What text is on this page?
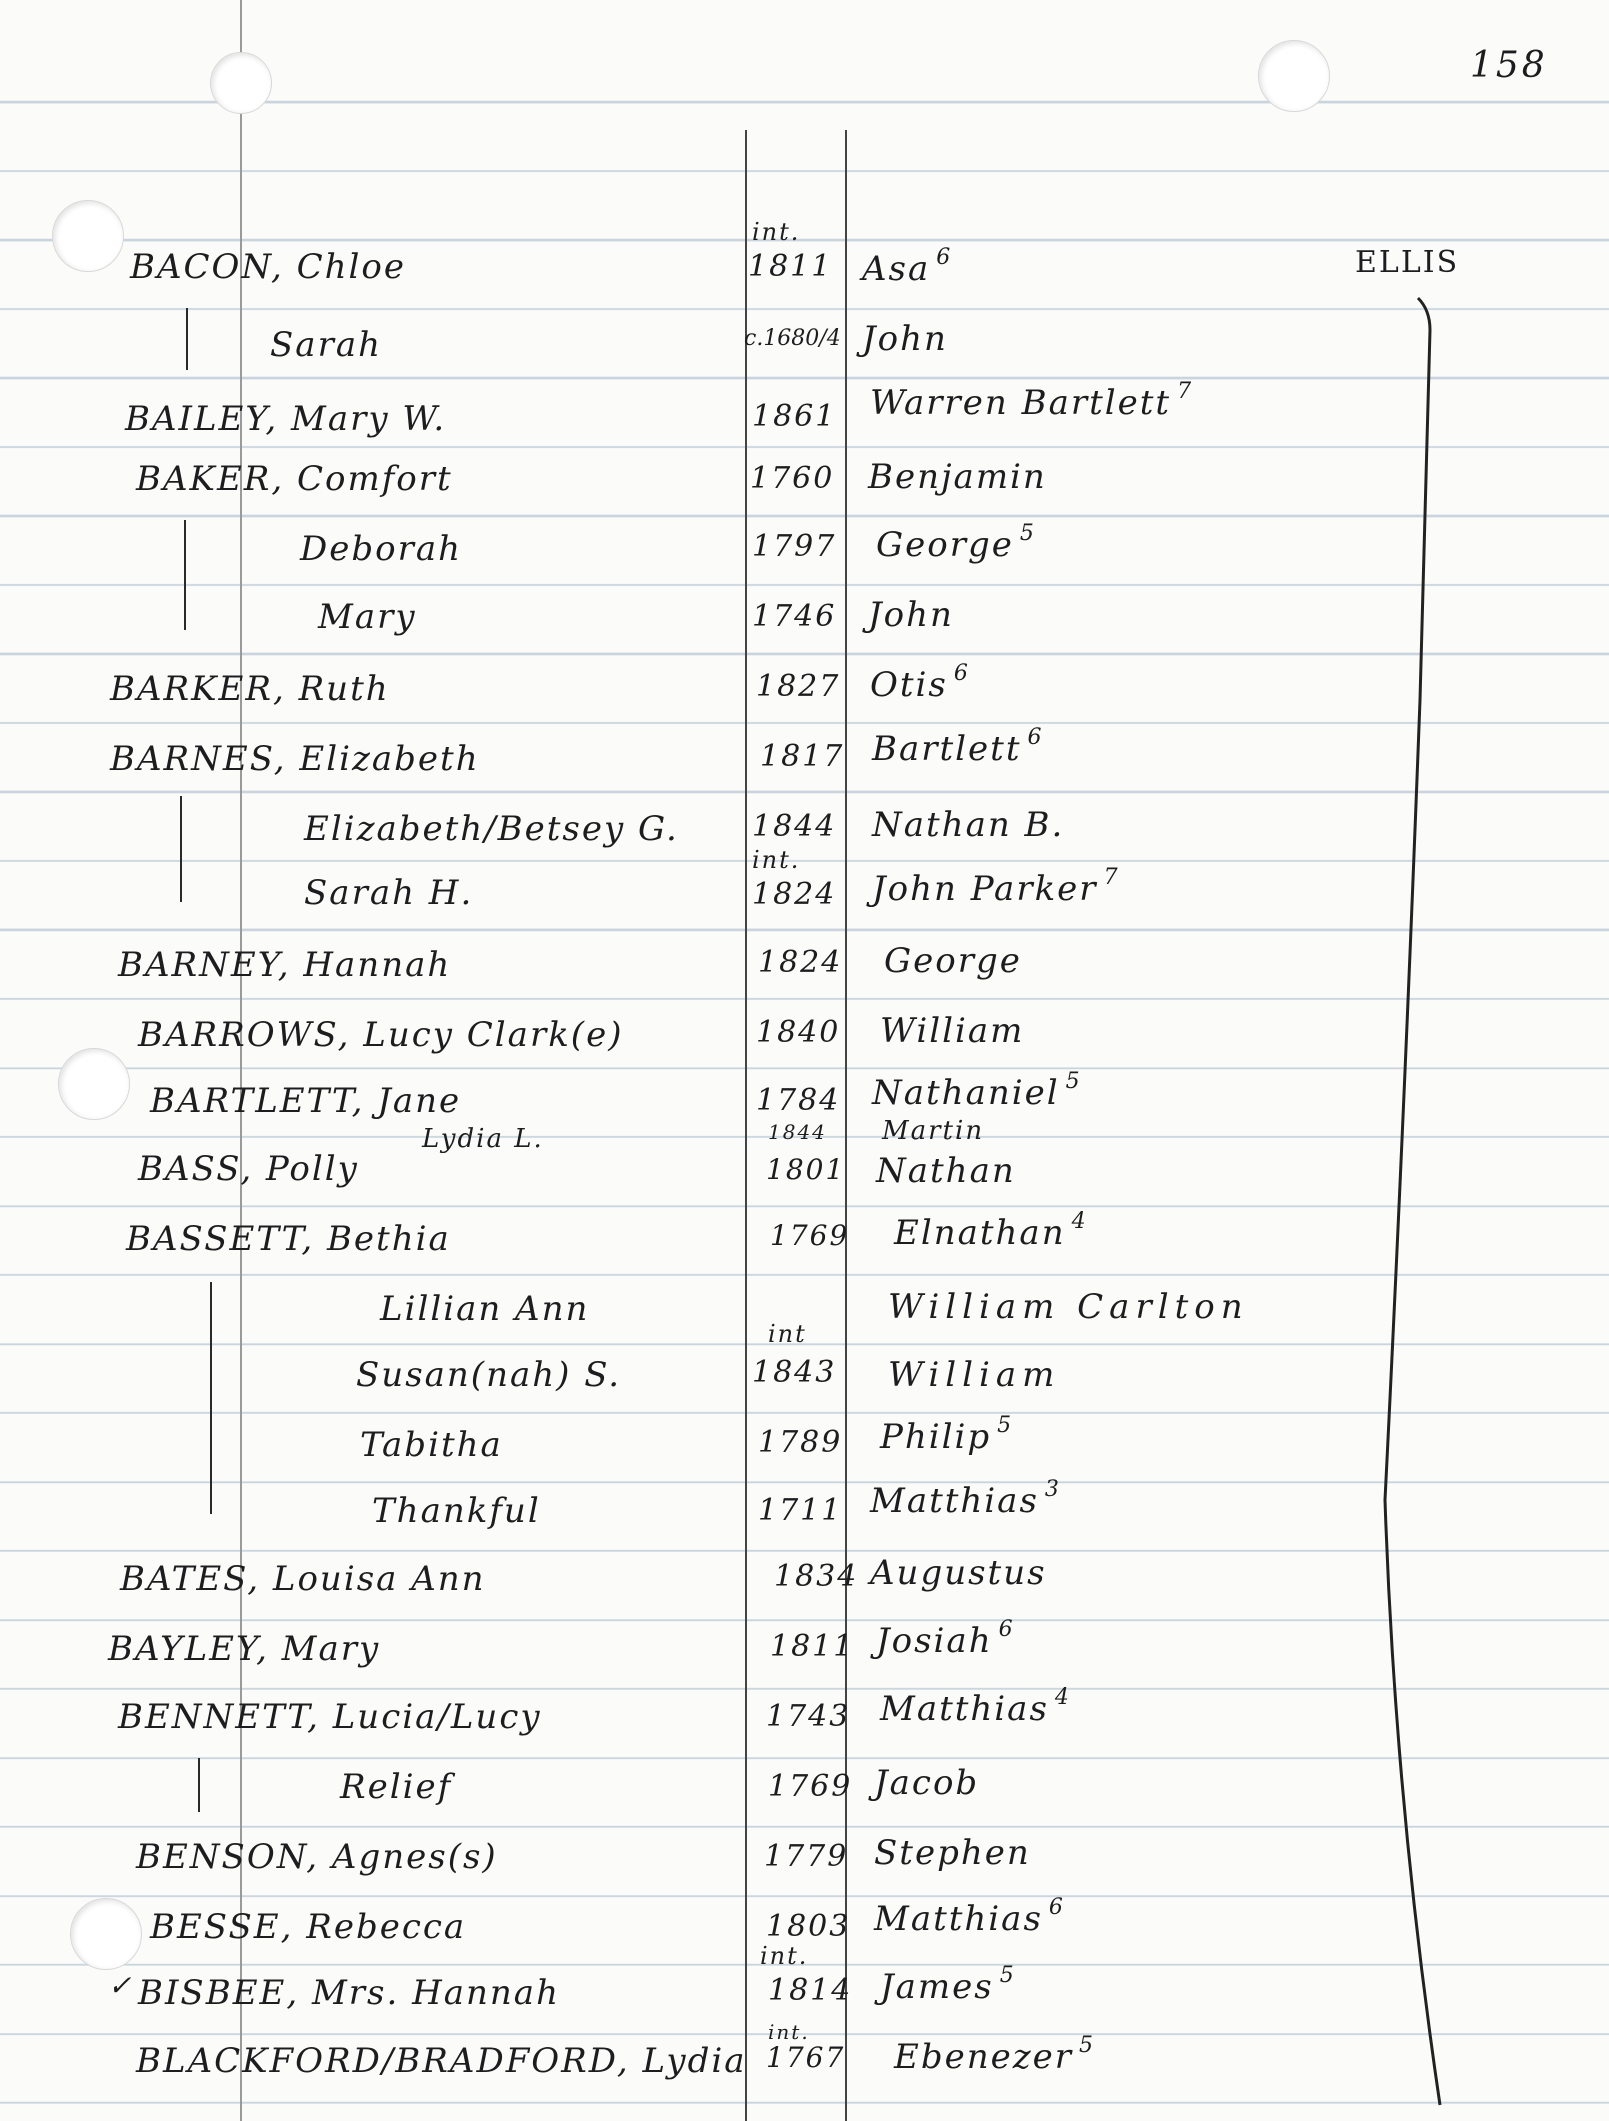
158
ELLIS
✓
BACON, Chloe
Sarah
BAILEY, Mary W.
BAKER, Comfort
Deborah
Mary
BARKER, Ruth
BARNES, Elizabeth
Elizabeth/Betsey G.
Sarah H.
BARNEY, Hannah
BARROWS, Lucy Clark(e)
BARTLETT, Jane
Lydia L.
BASS, Polly
BASSETT, Bethia
Lillian Ann
Susan(nah) S.
Tabitha
Thankful
BATES, Louisa Ann
BAYLEY, Mary
BENNETT, Lucia/Lucy
Relief
BENSON, Agnes(s)
BESSE, Rebecca
BISBEE, Mrs. Hannah
BLACKFORD/BRADFORD, Lydia
int.
int.
int
int.
int.
1811
c.1680/4
1861
1760
1797
1746
1827
1817
1844
1824
1824
1840
1784
1844
1801
1769
1843
1789
1711
1834
1811
1743
1769
1779
1803
1814
1767
Asa $^6$
John
Warren Bartlett $^7$
Benjamin
George $^5$
John
Otis $^6$
Bartlett $^6$
Nathan B.
John Parker $^7$
George
William
Nathaniel $^5$
Martin
Nathan
Elnathan $^4$
William Carlton
William
Philip $^5$
Matthias $^3$
Augustus
Josiah $^6$
Matthias $^4$
Jacob
Stephen
Matthias $^6$
James $^5$
Ebenezer $^5$
